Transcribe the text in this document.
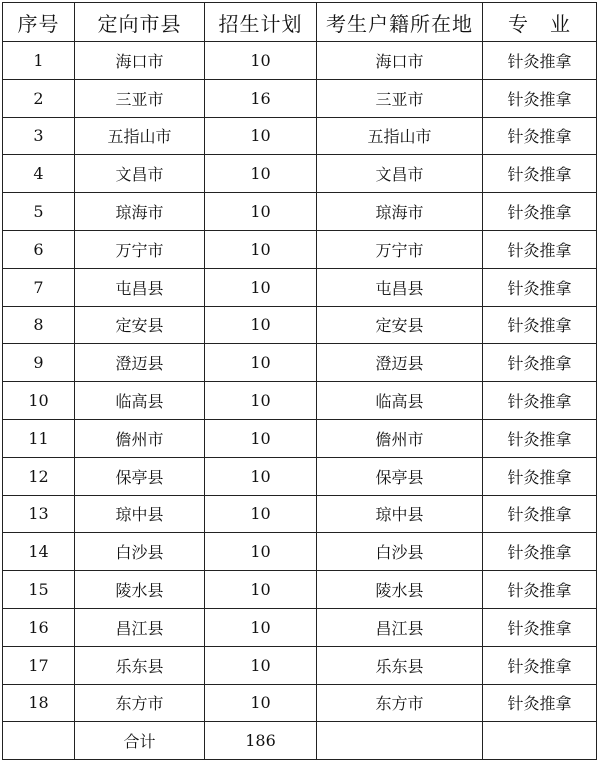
序号	定向市县	招生计划	考生户籍所在地	专　业
1	海口市	10	海口市	针灸推拿
2	三亚市	16	三亚市	针灸推拿
3	五指山市	10	五指山市	针灸推拿
4	文昌市	10	文昌市	针灸推拿
5	琼海市	10	琼海市	针灸推拿
6	万宁市	10	万宁市	针灸推拿
7	屯昌县	10	屯昌县	针灸推拿
8	定安县	10	定安县	针灸推拿
9	澄迈县	10	澄迈县	针灸推拿
10	临高县	10	临高县	针灸推拿
11	儋州市	10	儋州市	针灸推拿
12	保亭县	10	保亭县	针灸推拿
13	琼中县	10	琼中县	针灸推拿
14	白沙县	10	白沙县	针灸推拿
15	陵水县	10	陵水县	针灸推拿
16	昌江县	10	昌江县	针灸推拿
17	乐东县	10	乐东县	针灸推拿
18	东方市	10	东方市	针灸推拿
	合计	186		
